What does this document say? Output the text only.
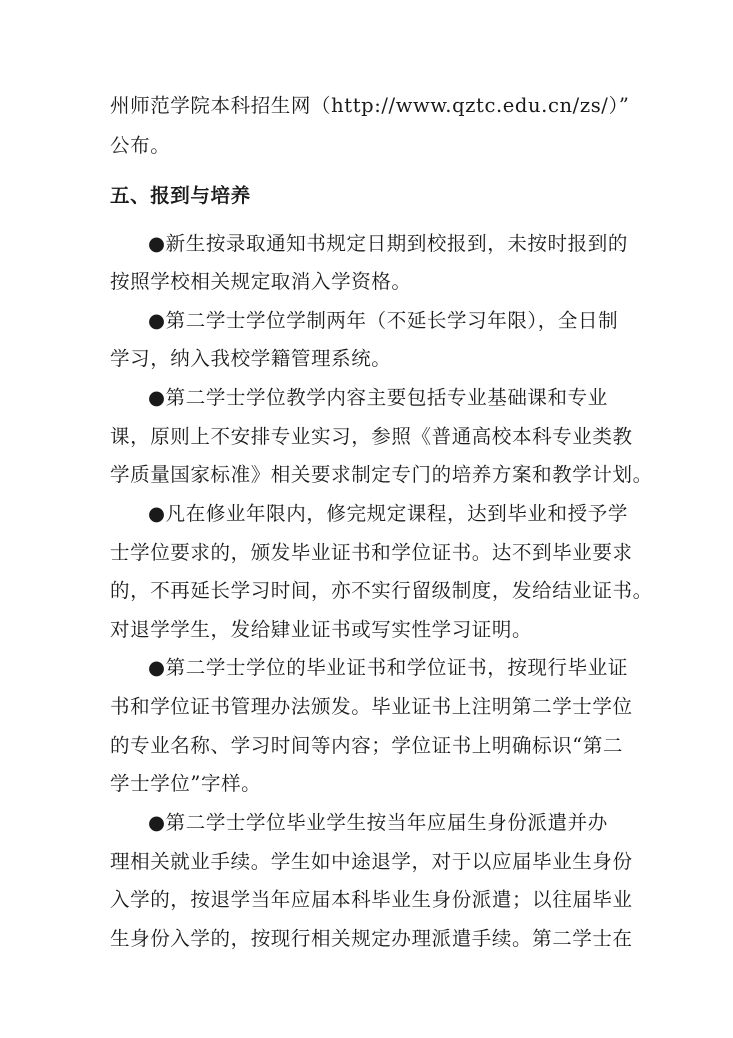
州师范学院本科招生网（http://www.qztc.edu.cn/zs/）”
公布。
五、报到与培养
●新生按录取通知书规定日期到校报到，未按时报到的
按照学校相关规定取消入学资格。
●第二学士学位学制两年（不延长学习年限），全日制
学习，纳入我校学籍管理系统。
●第二学士学位教学内容主要包括专业基础课和专业
课，原则上不安排专业实习，参照《普通高校本科专业类教
学质量国家标准》相关要求制定专门的培养方案和教学计划。
●凡在修业年限内，修完规定课程，达到毕业和授予学
士学位要求的，颁发毕业证书和学位证书。达不到毕业要求
的，不再延长学习时间，亦不实行留级制度，发给结业证书。
对退学学生，发给肄业证书或写实性学习证明。
●第二学士学位的毕业证书和学位证书，按现行毕业证
书和学位证书管理办法颁发。毕业证书上注明第二学士学位
的专业名称、学习时间等内容；学位证书上明确标识“第二
学士学位”字样。
●第二学士学位毕业学生按当年应届生身份派遣并办
理相关就业手续。学生如中途退学，对于以应届毕业生身份
入学的，按退学当年应届本科毕业生身份派遣；以往届毕业
生身份入学的，按现行相关规定办理派遣手续。第二学士在
